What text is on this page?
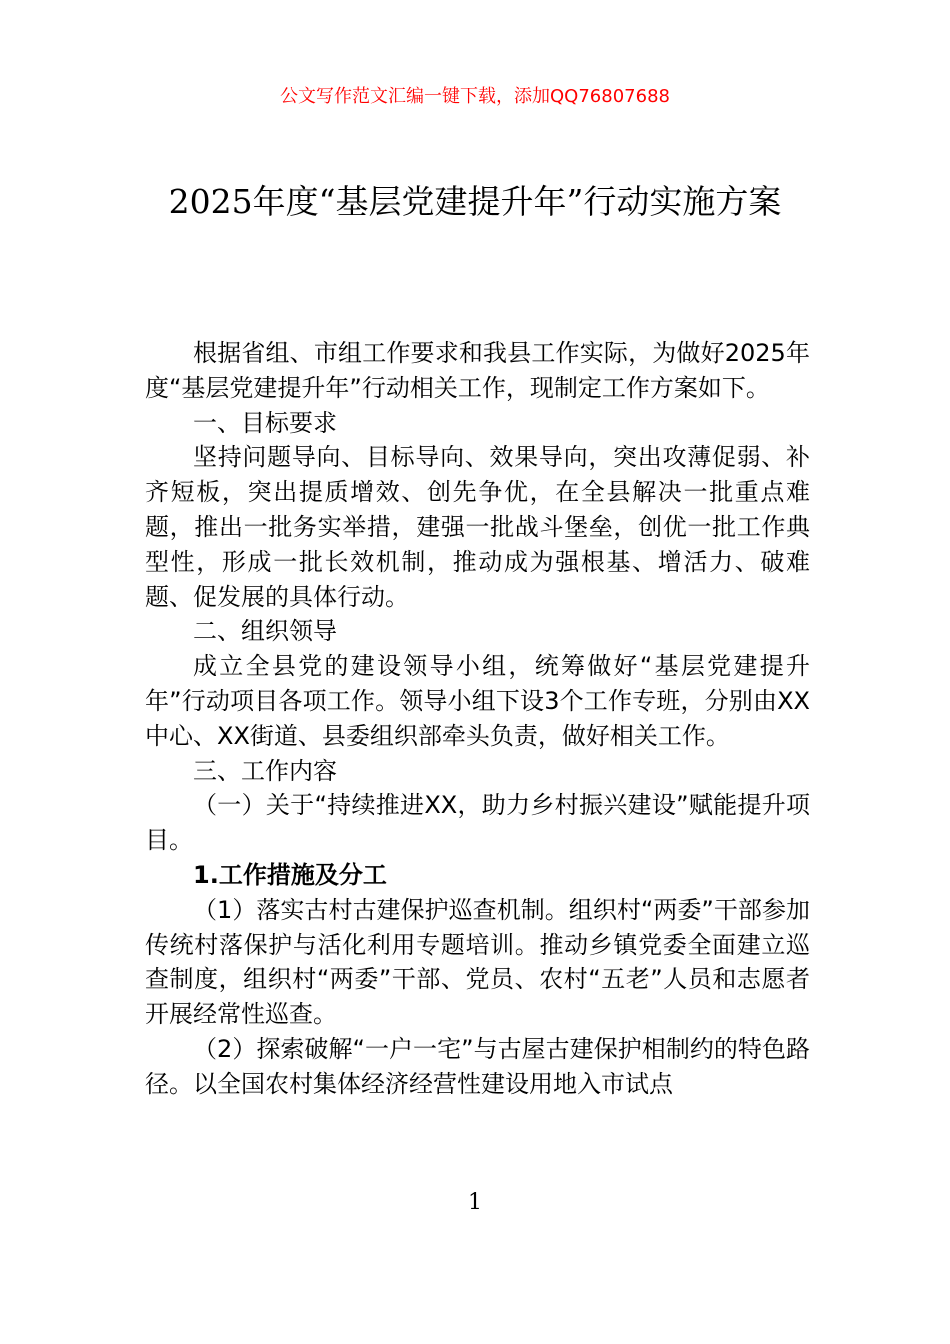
公文写作范文汇编一键下载，添加QQ76807688
2025年度“基层党建提升年”行动实施方案

根据省组、市组工作要求和我县工作实际，为做好2025年度“基层党建提升年”行动相关工作，现制定工作方案如下。

一、目标要求

坚持问题导向、目标导向、效果导向，突出攻薄促弱、补齐短板，突出提质增效、创先争优，在全县解决一批重点难题，推出一批务实举措，建强一批战斗堡垒，创优一批工作典型性，形成一批长效机制，推动成为强根基、增活力、破难题、促发展的具体行动。

二、组织领导

成立全县党的建设领导小组，统筹做好“基层党建提升年”行动项目各项工作。领导小组下设3个工作专班，分别由XX中心、XX街道、县委组织部牵头负责，做好相关工作。

三、工作内容

（一）关于“持续推进XX，助力乡村振兴建设”赋能提升项目。

1.工作措施及分工

（1）落实古村古建保护巡查机制。组织村“两委”干部参加传统村落保护与活化利用专题培训。推动乡镇党委全面建立巡查制度，组织村“两委”干部、党员、农村“五老”人员和志愿者开展经常性巡查。

（2）探索破解“一户一宅”与古屋古建保护相制约的特色路径。以全国农村集体经济经营性建设用地入市试点

1
